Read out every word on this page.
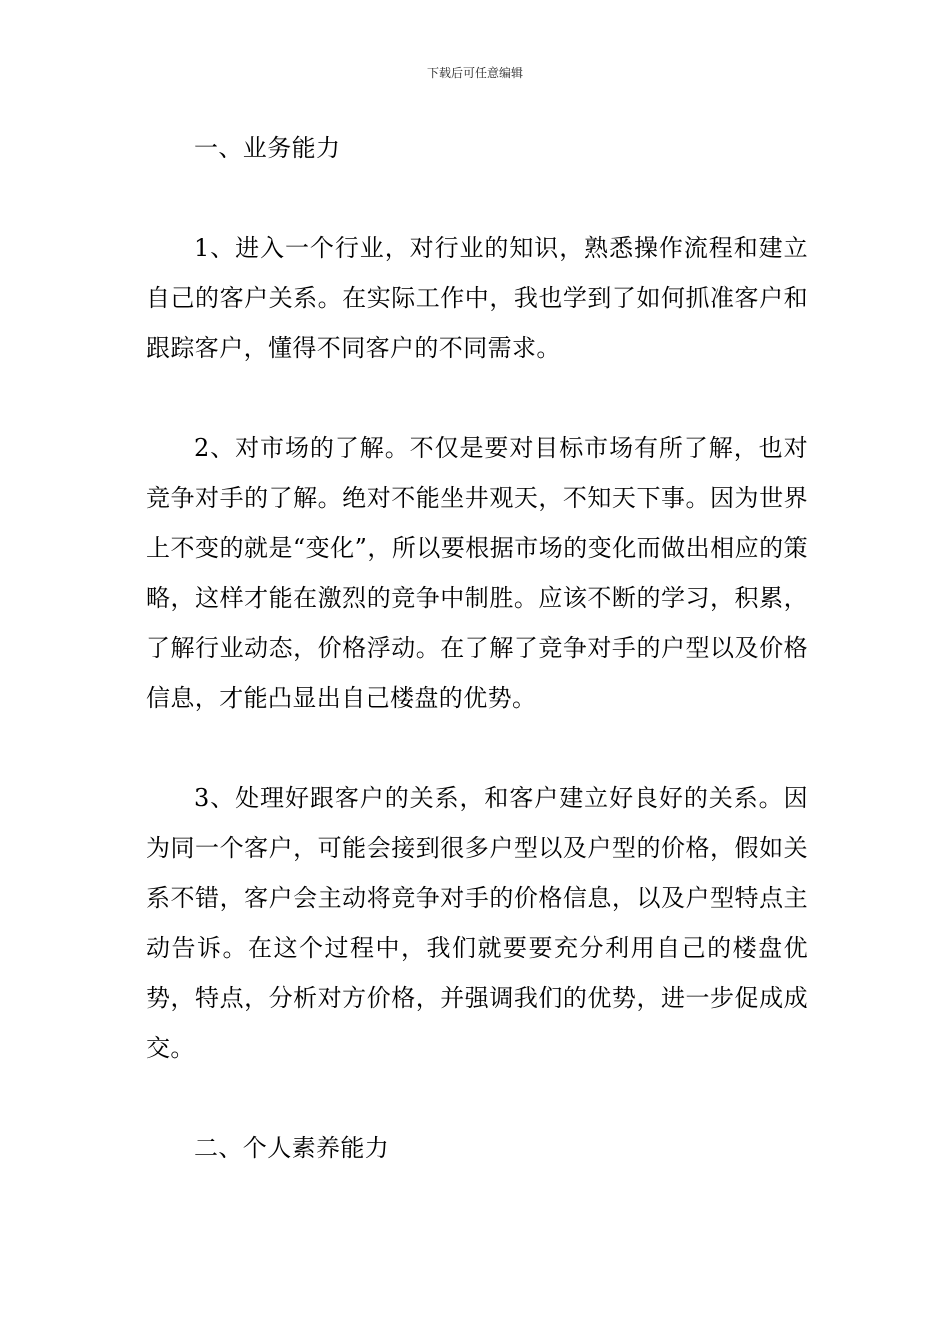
下载后可任意编辑

一、业务能力

1、进入一个行业，对行业的知识，熟悉操作流程和建立自己的客户关系。在实际工作中，我也学到了如何抓准客户和跟踪客户，懂得不同客户的不同需求。

2、对市场的了解。不仅是要对目标市场有所了解，也对竞争对手的了解。绝对不能坐井观天，不知天下事。因为世界上不变的就是“变化”，所以要根据市场的变化而做出相应的策略，这样才能在激烈的竞争中制胜。应该不断的学习，积累，了解行业动态，价格浮动。在了解了竞争对手的户型以及价格信息，才能凸显出自己楼盘的优势。

3、处理好跟客户的关系，和客户建立好良好的关系。因为同一个客户，可能会接到很多户型以及户型的价格，假如关系不错，客户会主动将竞争对手的价格信息，以及户型特点主动告诉。在这个过程中，我们就要要充分利用自己的楼盘优势，特点，分析对方价格，并强调我们的优势，进一步促成成交。

二、个人素养能力
